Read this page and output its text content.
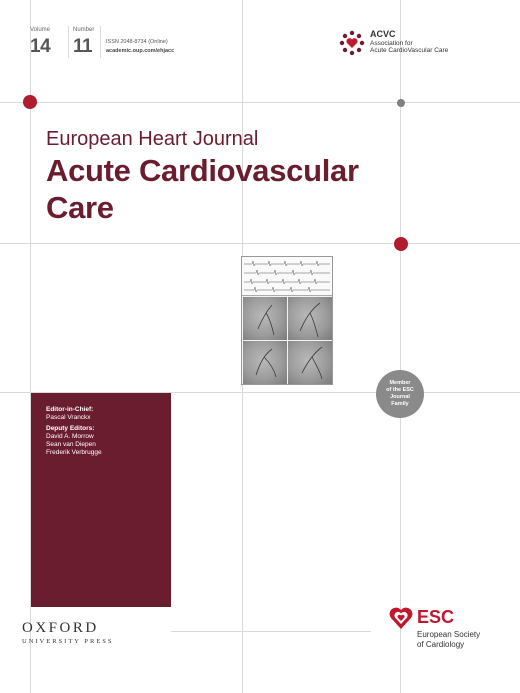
Volume
14
Number
11	ISSN 2048-8734 (Online)
academic.oup.com/ehjacc
ACVC
Association for
Acute CardioVascular Care
European Heart Journal
Acute Cardiovascular
Care
Member
of the ESC
Journal
Family
Editor-in-Chief:
Pascal Vranckx
Deputy Editors:
David A. Morrow
Sean van Diepen
Frederik Verbrugge
OXFORD
UNIVERSITY PRESS
ESC
European Society
of Cardiology
